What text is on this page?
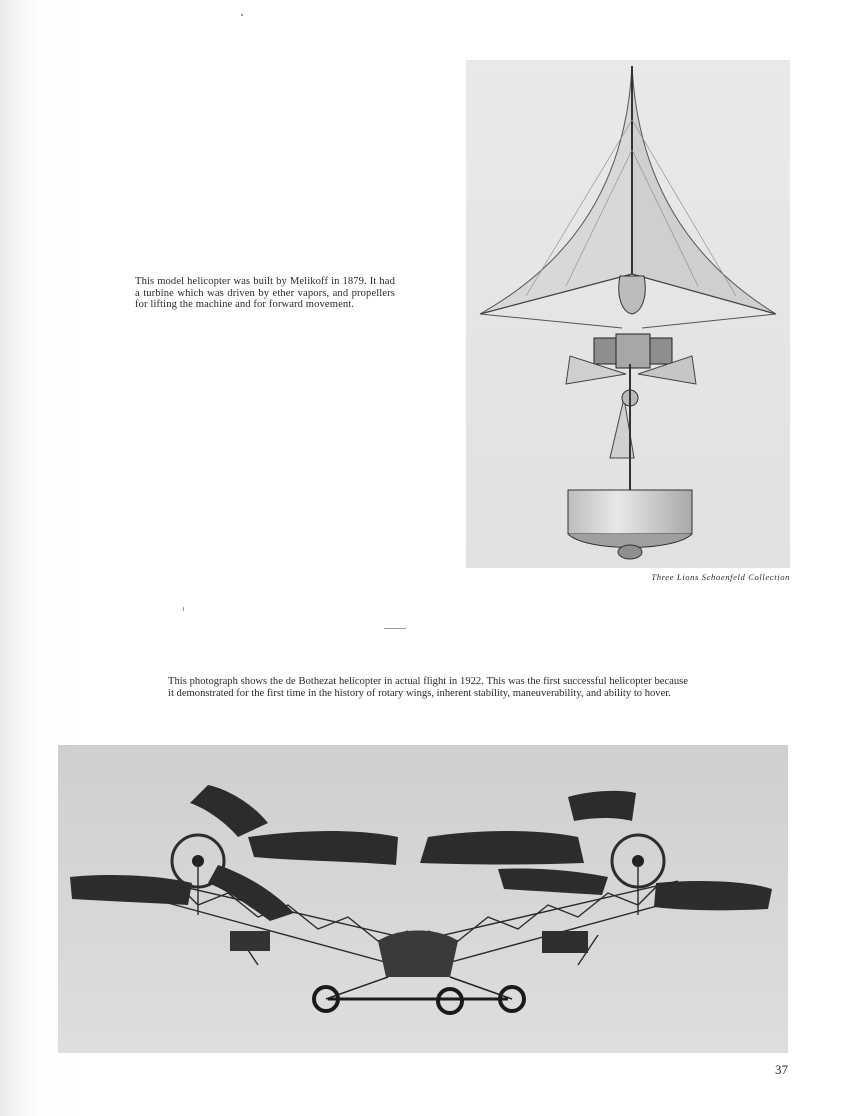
This model helicopter was built by Melikoff in 1879. It had a turbine which was driven by ether vapors, and propellers for lifting the machine and for forward movement.
Three Lions Schoenfeld Collection
This photograph shows the de Bothezat helicopter in actual flight in 1922. This was the first successful helicopter because it demonstrated for the first time in the history of rotary wings, inherent stability, maneuverability, and ability to hover.
37
